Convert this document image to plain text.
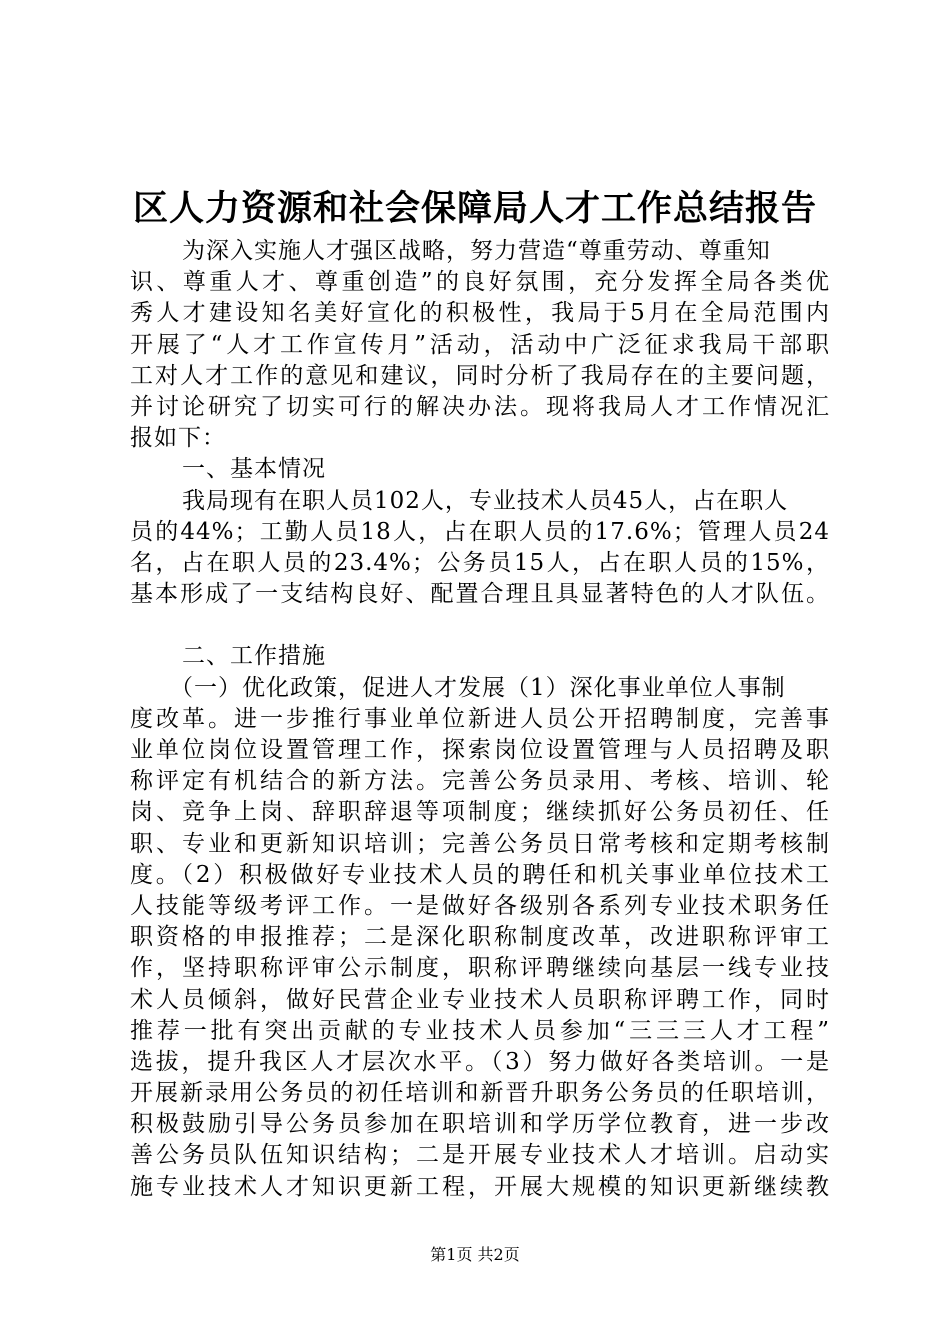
区人力资源和社会保障局人才工作总结报告
为深入实施人才强区战略，努力营造“尊重劳动、尊重知
识、尊重人才、尊重创造”的良好氛围，充分发挥全局各类优
秀人才建设知名美好宣化的积极性，我局于5月在全局范围内
开展了“人才工作宣传月”活动，活动中广泛征求我局干部职
工对人才工作的意见和建议，同时分析了我局存在的主要问题，
并讨论研究了切实可行的解决办法。现将我局人才工作情况汇
报如下：
一、基本情况
我局现有在职人员102人，专业技术人员45人，占在职人
员的44%；工勤人员18人，占在职人员的17.6%；管理人员24
名，占在职人员的23.4%；公务员15人，占在职人员的15%，
基本形成了一支结构良好、配置合理且具显著特色的人才队伍。
二、工作措施
（一）优化政策，促进人才发展（1）深化事业单位人事制
度改革。进一步推行事业单位新进人员公开招聘制度，完善事
业单位岗位设置管理工作，探索岗位设置管理与人员招聘及职
称评定有机结合的新方法。完善公务员录用、考核、培训、轮
岗、竞争上岗、辞职辞退等项制度；继续抓好公务员初任、任
职、专业和更新知识培训；完善公务员日常考核和定期考核制
度。（2）积极做好专业技术人员的聘任和机关事业单位技术工
人技能等级考评工作。一是做好各级别各系列专业技术职务任
职资格的申报推荐；二是深化职称制度改革，改进职称评审工
作，坚持职称评审公示制度，职称评聘继续向基层一线专业技
术人员倾斜，做好民营企业专业技术人员职称评聘工作，同时
推荐一批有突出贡献的专业技术人员参加“三三三人才工程”
选拔，提升我区人才层次水平。（3）努力做好各类培训。一是
开展新录用公务员的初任培训和新晋升职务公务员的任职培训，
积极鼓励引导公务员参加在职培训和学历学位教育，进一步改
善公务员队伍知识结构；二是开展专业技术人才培训。启动实
施专业技术人才知识更新工程，开展大规模的知识更新继续教
第1页 共2页
